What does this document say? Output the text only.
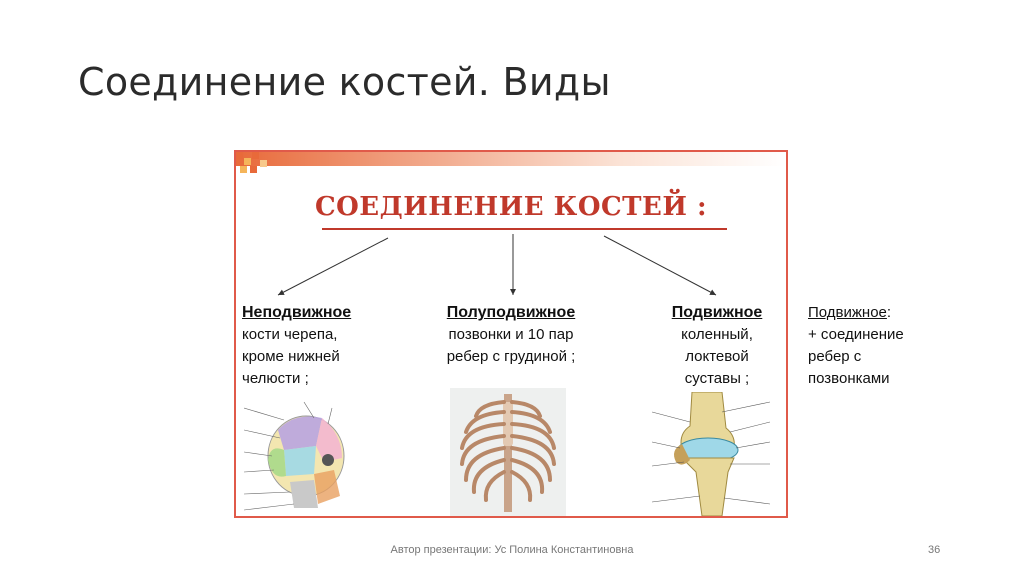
Соединение костей. Виды
СОЕДИНЕНИЕ КОСТЕЙ :
Неподвижное
кости черепа,
кроме нижней
челюсти ;
Полуподвижное
позвонки и 10 пар
ребер с грудиной ;
Подвижное
коленный,
локтевой
суставы ;
Подвижное:
+ соединение
ребер с
позвонками
Автор презентации: Ус Полина Константиновна	36
